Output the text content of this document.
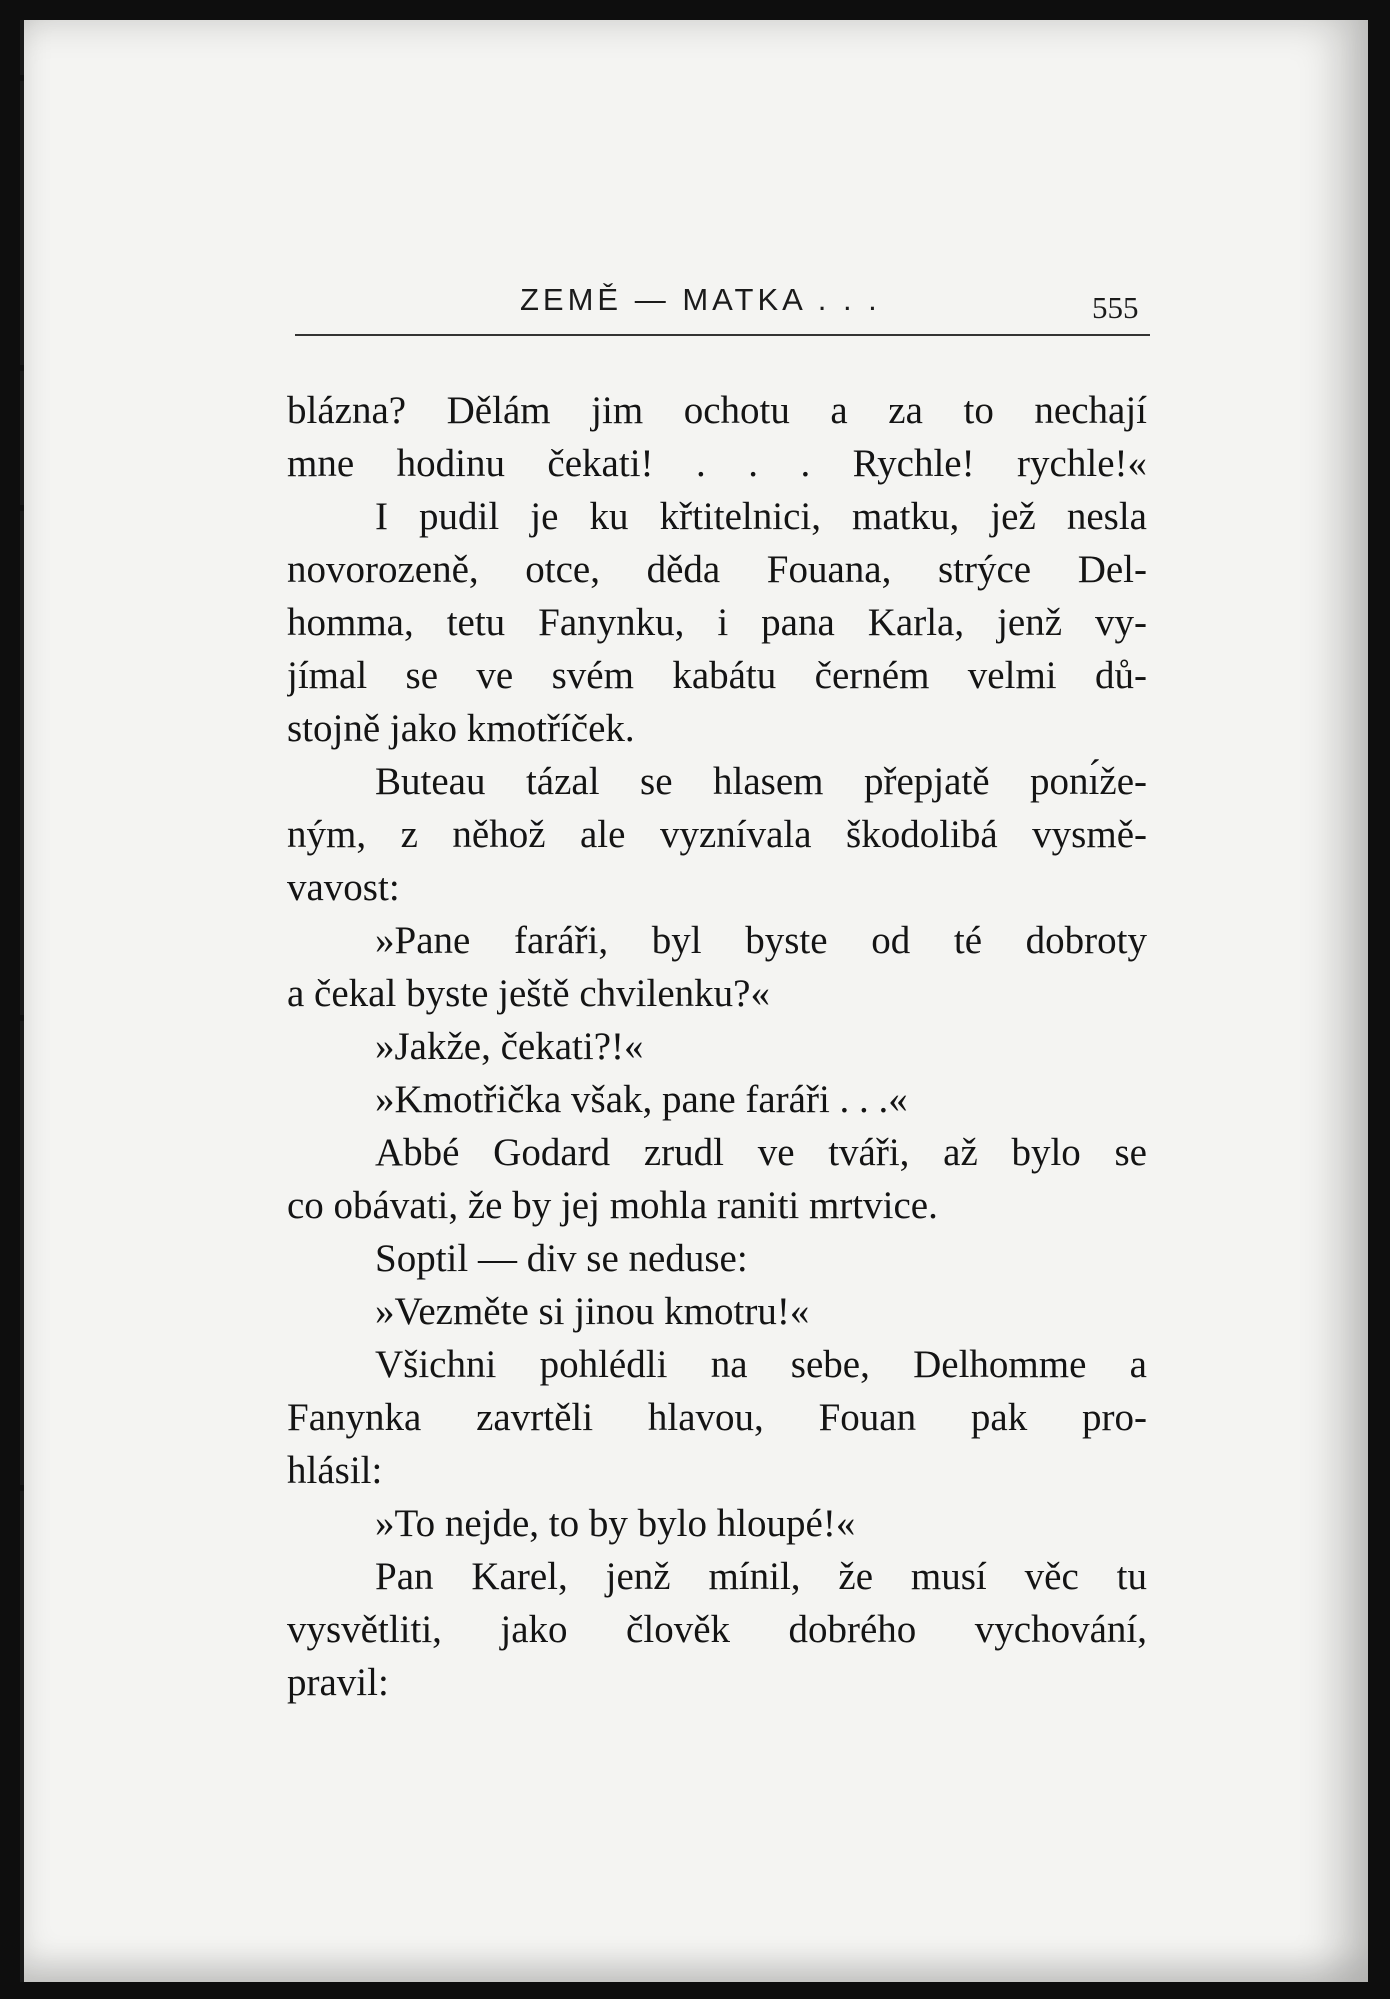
ZEMĚ — MATKA . . .	555
blázna? Dělám jim ochotu a za to nechají
mne hodinu čekati! . . . Rychle! rychle!«
I pudil je ku křtitelnici, matku, jež nesla
novorozeně, otce, děda Fouana, strýce Del-
homma, tetu Fanynku, i pana Karla, jenž vy-
jímal se ve svém kabátu černém velmi dů-
stojně jako kmotříček.
Buteau tázal se hlasem přepjatě ponı́že-
ným, z něhož ale vyznívala škodolibá vysmě-
vavost:
»Pane faráři, byl byste od té dobroty
a čekal byste ještě chvilenku?«
»Jakže, čekati?!«
»Kmotřička však, pane faráři . . .«
Abbé Godard zrudl ve tváři, až bylo se
co obávati, že by jej mohla raniti mrtvice.
Soptil — div se neduse:
»Vezměte si jinou kmotru!«
Všichni pohlédli na sebe, Delhomme a
Fanynka zavrtěli hlavou, Fouan pak pro-
hlásil:
»To nejde, to by bylo hloupé!«
Pan Karel, jenž mínil, že musí věc tu
vysvětliti, jako člověk dobrého vychování,
pravil:
